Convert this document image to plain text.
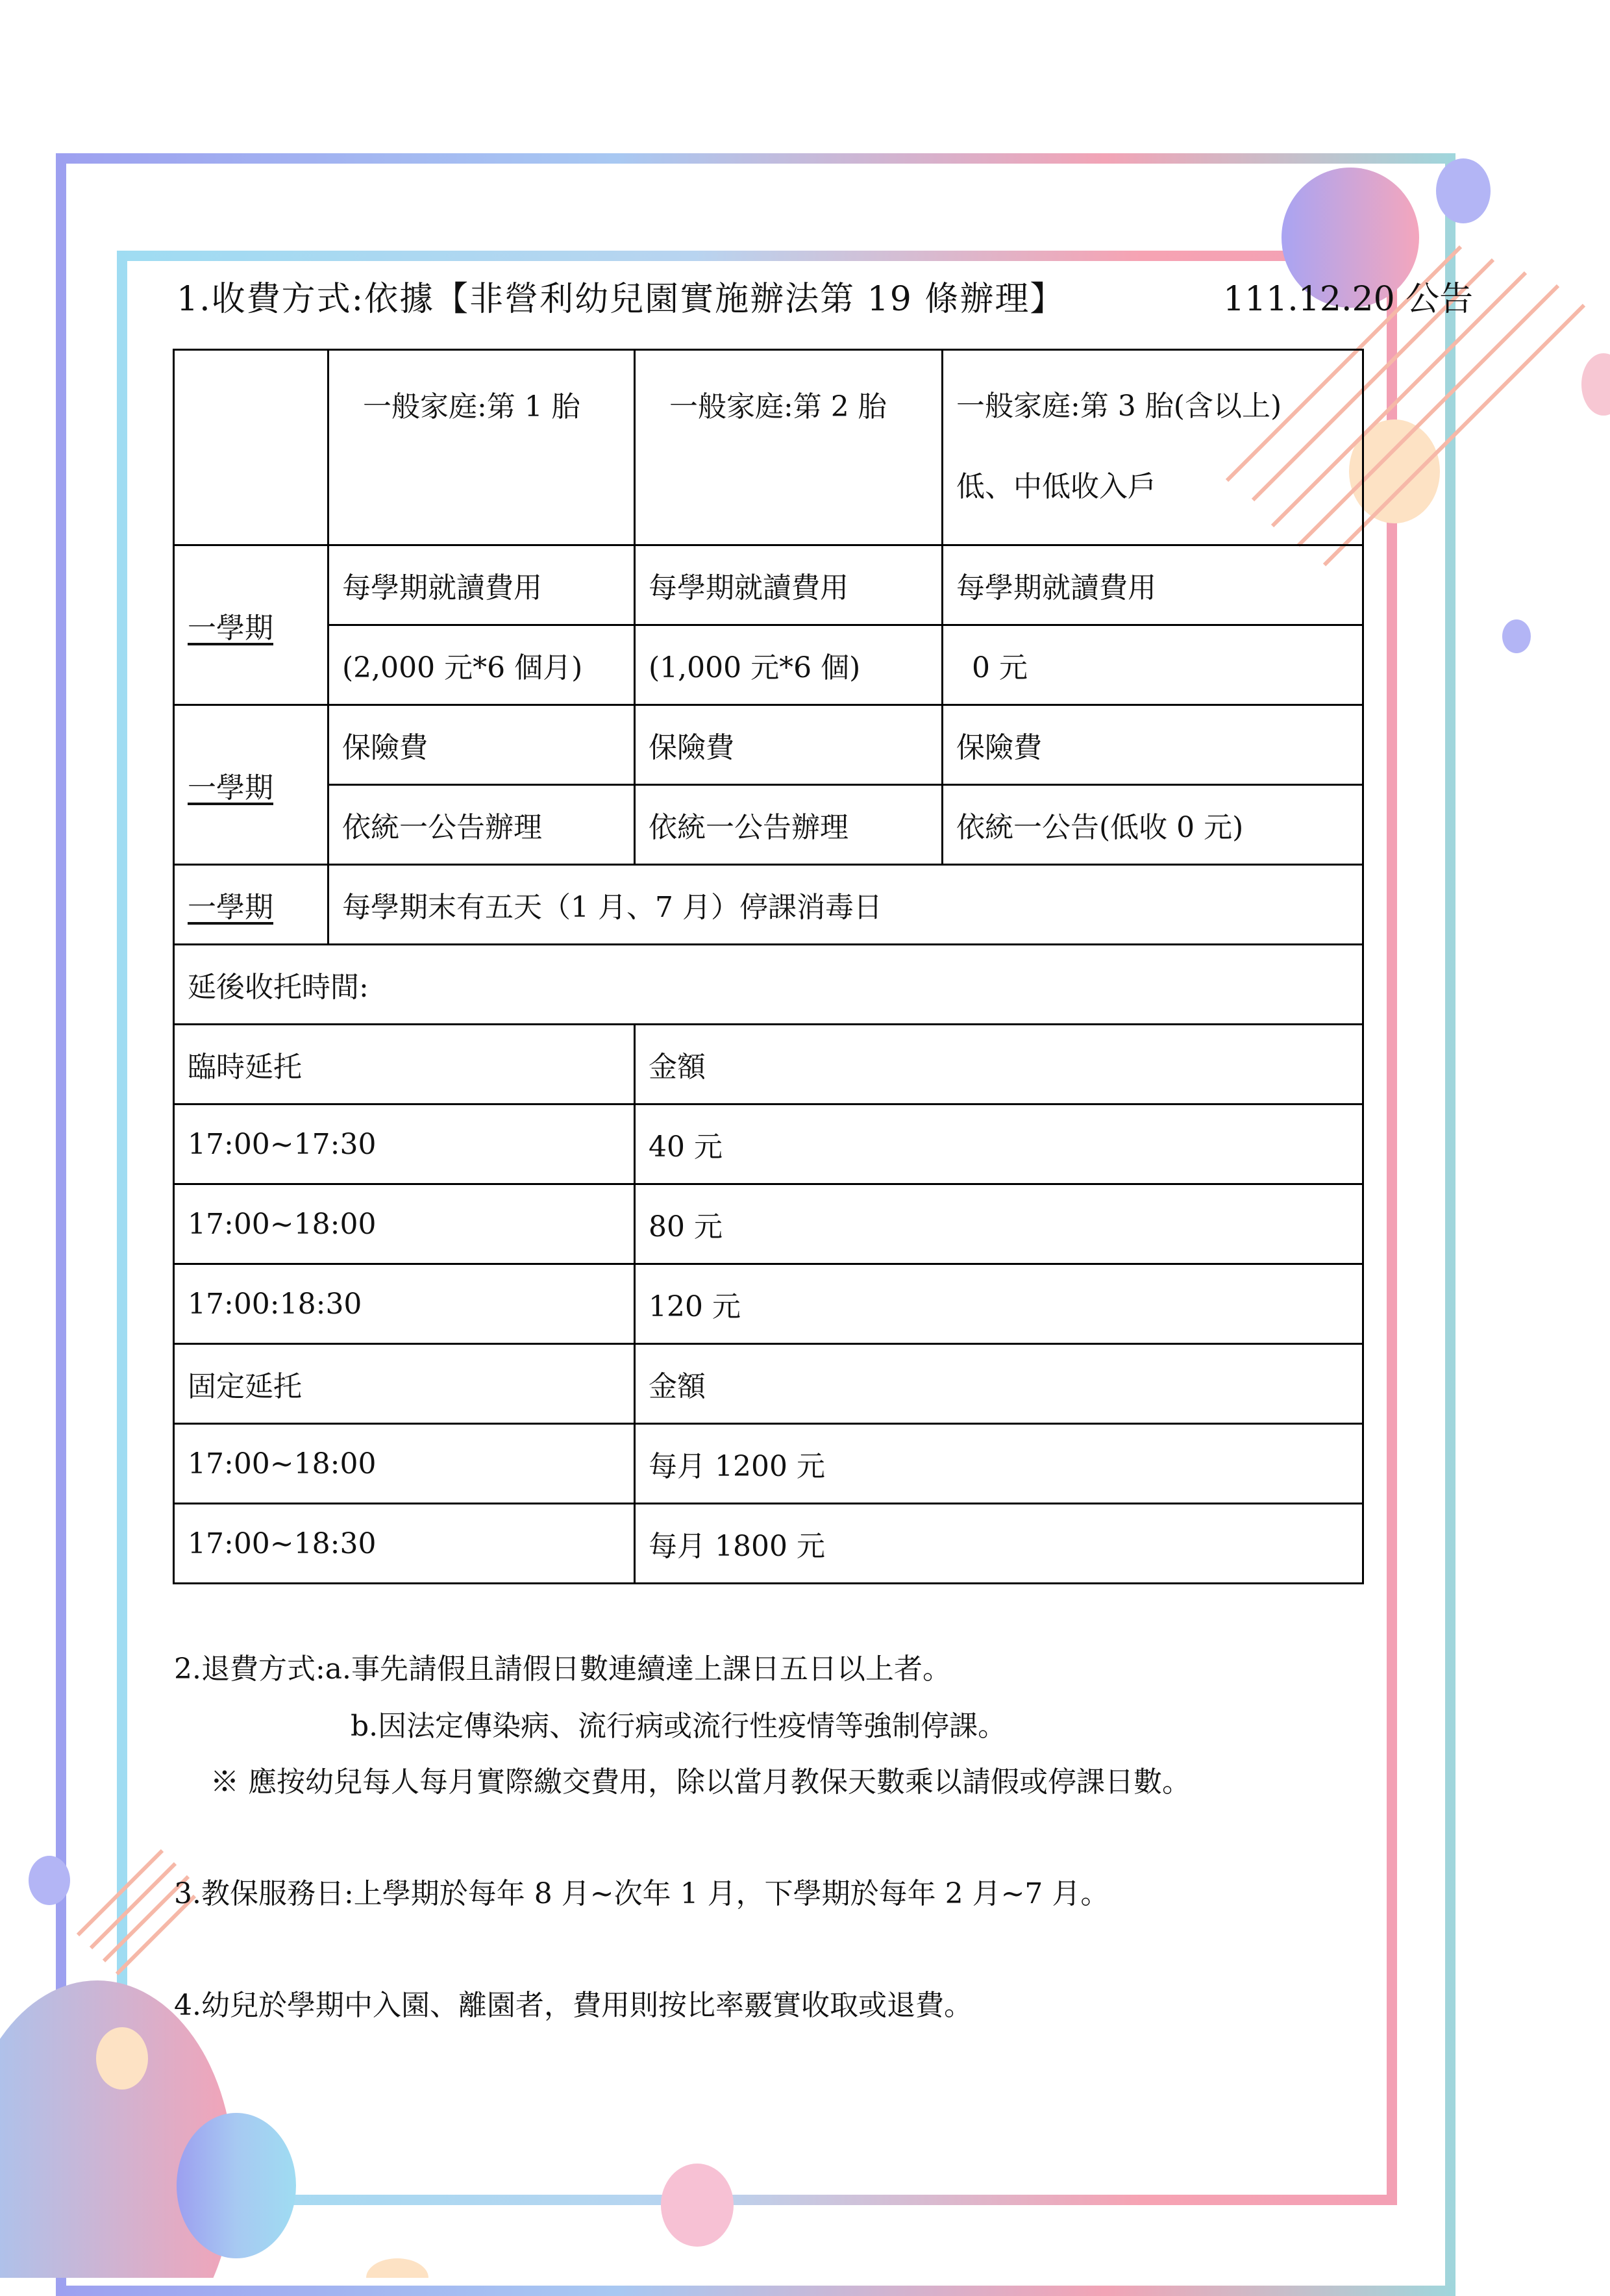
1.收費方式:依據【非營利幼兒園實施辦法第 19 條辦理】	111.12.20 公告
	一般家庭:第 1 胎	一般家庭:第 2 胎	一般家庭:第 3 胎(含以上)
低、中低收入戶

一學期	每學期就讀費用	每學期就讀費用	每學期就讀費用
	(2,000 元*6 個月)	(1,000 元*6 個)	0 元
一學期	保險費	保險費	保險費
	依統一公告辦理	依統一公告辦理	依統一公告(低收 0 元)
一學期	每學期末有五天（1 月、7 月）停課消毒日		
延後收托時間:			
臨時延托		金額	
17:00~17:30		40 元	
17:00~18:00		80 元	
17:00:18:30		120 元	
固定延托		金額	
17:00~18:00		每月 1200 元	
17:00~18:30		每月 1800 元	
2.退費方式:a.事先請假且請假日數連續達上課日五日以上者。
b.因法定傳染病、流行病或流行性疫情等強制停課。
※ 應按幼兒每人每月實際繳交費用，除以當月教保天數乘以請假或停課日數。
3.教保服務日:上學期於每年 8 月~次年 1 月，下學期於每年 2 月~7 月。
4.幼兒於學期中入園、離園者，費用則按比率覈實收取或退費。
